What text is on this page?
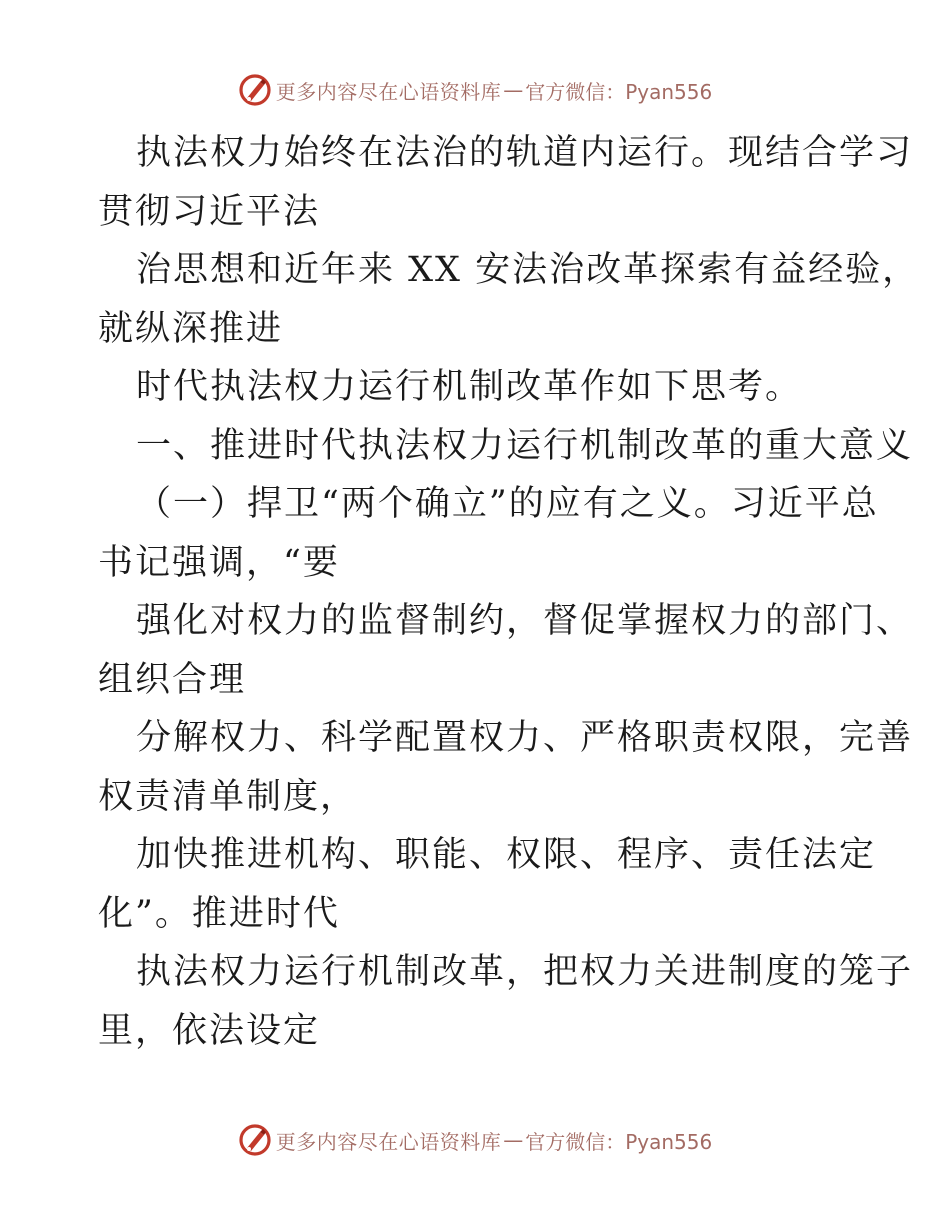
更多内容尽在心语资料库 — 官方微信：Pyan556
执法权力始终在法治的轨道内运行。现结合学习
贯彻习近平法
治思想和近年来 XX 安法治改革探索有益经验，
就纵深推进
时代执法权力运行机制改革作如下思考。
一、推进时代执法权力运行机制改革的重大意义
（一）捍卫“两个确立”的应有之义。习近平总
书记强调，“要
强化对权力的监督制约，督促掌握权力的部门、
组织合理
分解权力、科学配置权力、严格职责权限，完善
权责清单制度，
加快推进机构、职能、权限、程序、责任法定
化”。推进时代
执法权力运行机制改革，把权力关进制度的笼子
里，依法设定
更多内容尽在心语资料库 — 官方微信：Pyan556
